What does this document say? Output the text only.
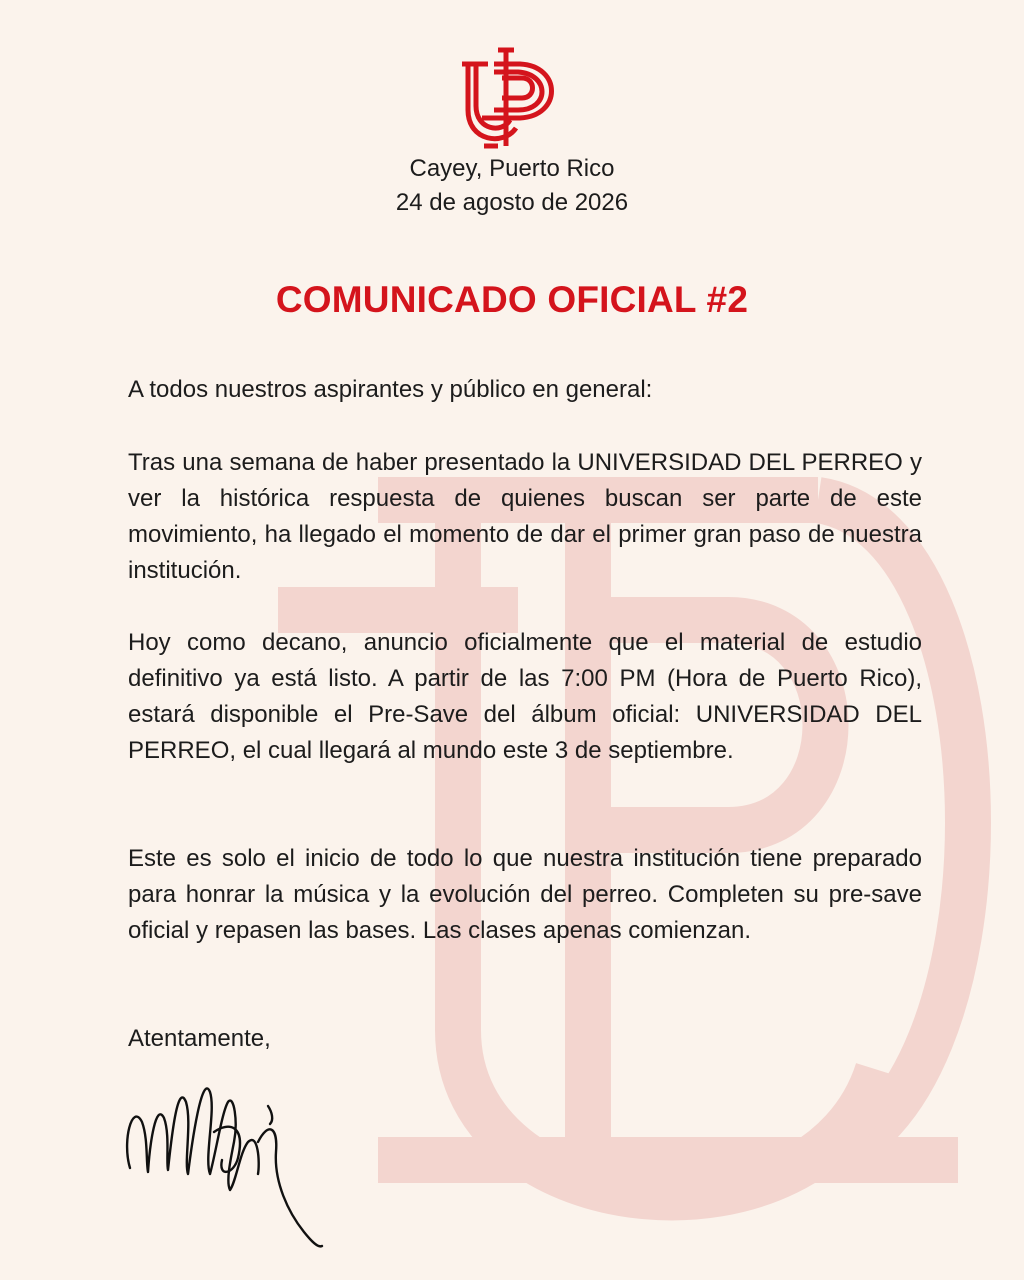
Cayey, Puerto Rico
24 de agosto de 2026
COMUNICADO OFICIAL #2

A todos nuestros aspirantes y público en general:

Tras una semana de haber presentado la UNIVERSIDAD DEL PERREO y ver la histórica respuesta de quienes buscan ser parte de este movimiento, ha llegado el momento de dar el primer gran paso de nuestra institución.

Hoy como decano, anuncio oficialmente que el material de estudio definitivo ya está listo. A partir de las 7:00 PM (Hora de Puerto Rico), estará disponible el Pre-Save del álbum oficial: UNIVERSIDAD DEL PERREO, el cual llegará al mundo este 3 de septiembre.

Este es solo el inicio de todo lo que nuestra institución tiene preparado para honrar la música y la evolución del perreo. Completen su pre-save oficial y repasen las bases. Las clases apenas comienzan.

Atentamente,
